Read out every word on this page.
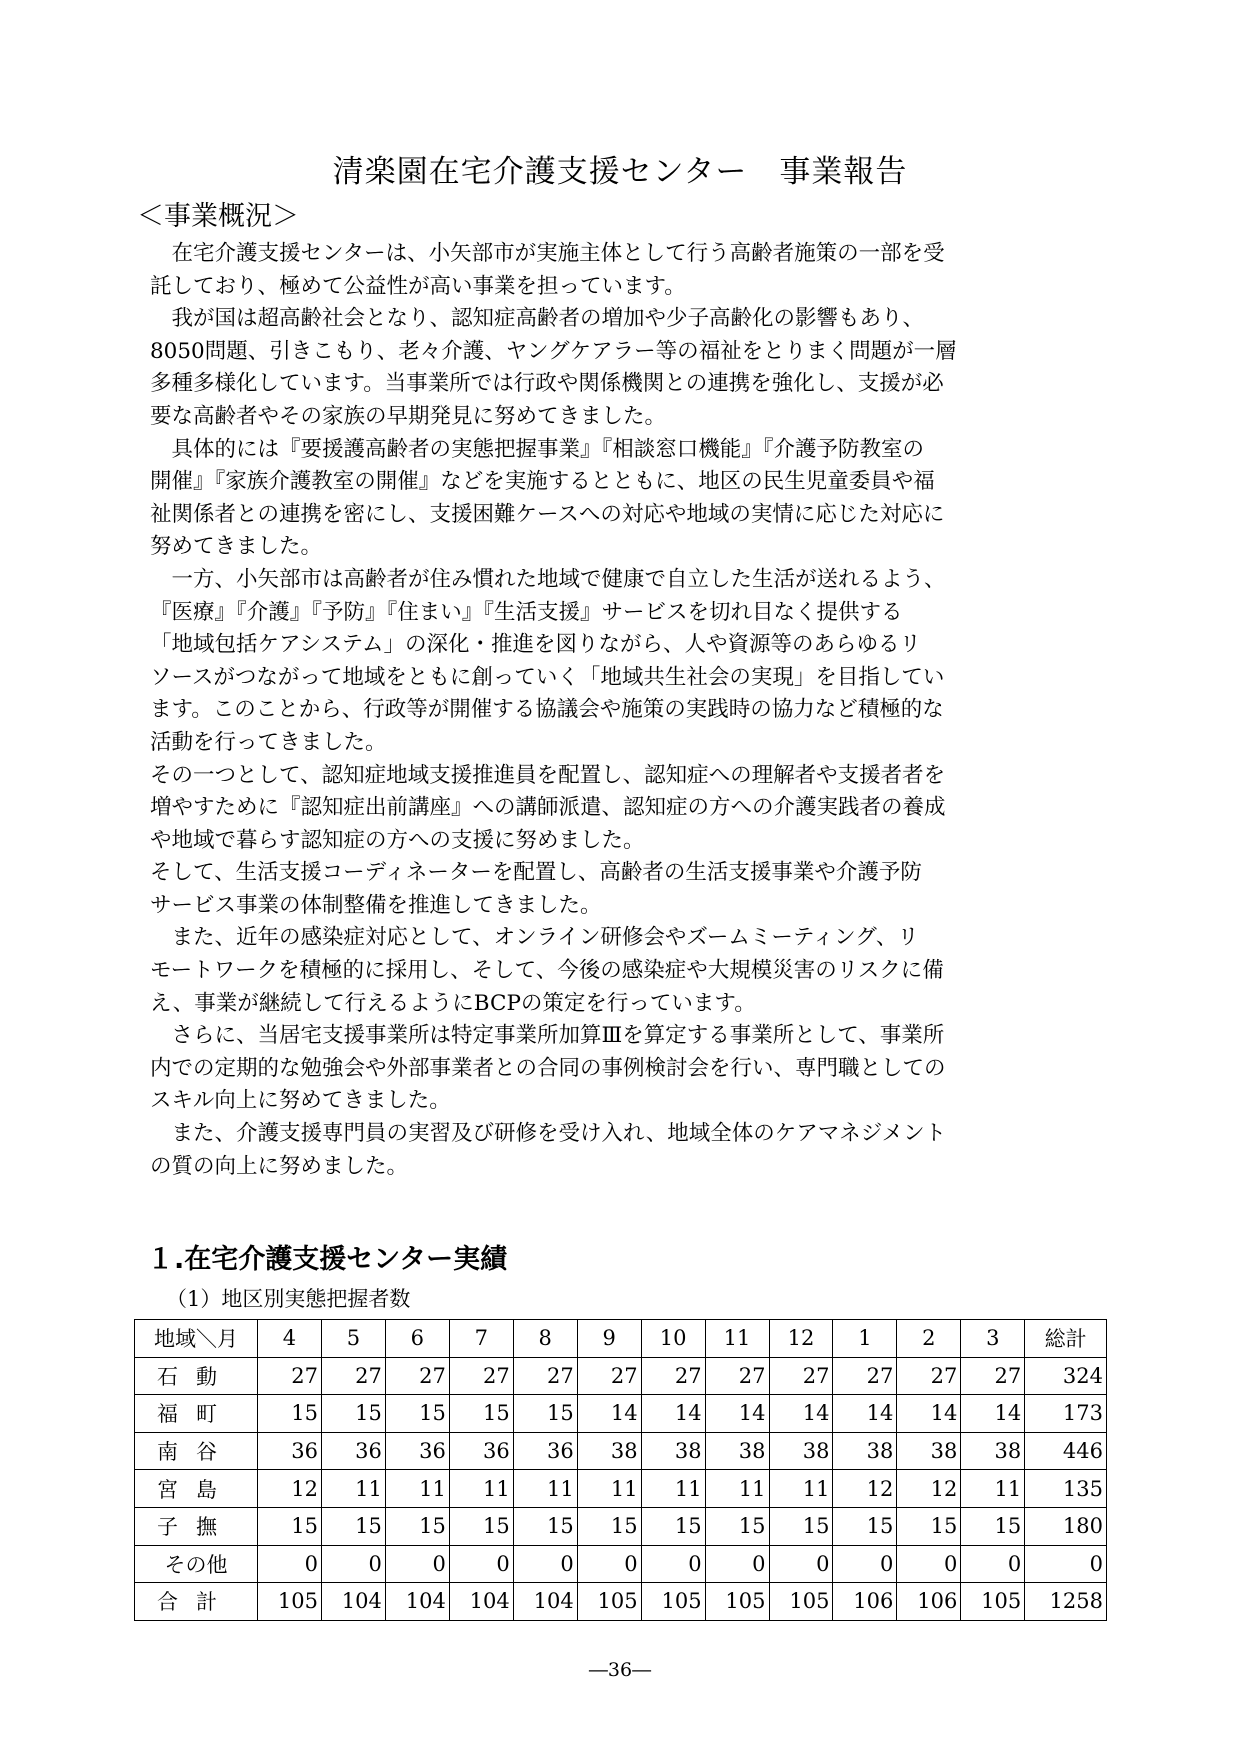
清楽園在宅介護支援センター　事業報告
＜事業概況＞
　在宅介護支援センターは、小矢部市が実施主体として行う高齢者施策の一部を受
託しており、極めて公益性が高い事業を担っています。
　我が国は超高齢社会となり、認知症高齢者の増加や少子高齢化の影響もあり、
8050問題、引きこもり、老々介護、ヤングケアラー等の福祉をとりまく問題が一層
多種多様化しています。当事業所では行政や関係機関との連携を強化し、支援が必
要な高齢者やその家族の早期発見に努めてきました。
　具体的には『要援護高齢者の実態把握事業』『相談窓口機能』『介護予防教室の
開催』『家族介護教室の開催』などを実施するとともに、地区の民生児童委員や福
祉関係者との連携を密にし、支援困難ケースへの対応や地域の実情に応じた対応に
努めてきました。
　一方、小矢部市は高齢者が住み慣れた地域で健康で自立した生活が送れるよう、
『医療』『介護』『予防』『住まい』『生活支援』サービスを切れ目なく提供する
「地域包括ケアシステム」の深化・推進を図りながら、人や資源等のあらゆるリ
ソースがつながって地域をともに創っていく「地域共生社会の実現」を目指してい
ます。このことから、行政等が開催する協議会や施策の実践時の協力など積極的な
活動を行ってきました。
その一つとして、認知症地域支援推進員を配置し、認知症への理解者や支援者者を
増やすために『認知症出前講座』への講師派遣、認知症の方への介護実践者の養成
や地域で暮らす認知症の方への支援に努めました。
そして、生活支援コーディネーターを配置し、高齢者の生活支援事業や介護予防
サービス事業の体制整備を推進してきました。
　また、近年の感染症対応として、オンライン研修会やズームミーティング、リ
モートワークを積極的に採用し、そして、今後の感染症や大規模災害のリスクに備
え、事業が継続して行えるようにBCPの策定を行っています。
　さらに、当居宅支援事業所は特定事業所加算Ⅲを算定する事業所として、事業所
内での定期的な勉強会や外部事業者との合同の事例検討会を行い、専門職としての
スキル向上に努めてきました。
　また、介護支援専門員の実習及び研修を受け入れ、地域全体のケアマネジメント
の質の向上に努めました。
１.在宅介護支援センター実績
（1）地区別実態把握者数
地域＼月	4	5	6	7	8	9	10	11	12	1	2	3	総計
石動	27	27	27	27	27	27	27	27	27	27	27	27	324
福町	15	15	15	15	15	14	14	14	14	14	14	14	173
南谷	36	36	36	36	36	38	38	38	38	38	38	38	446
宮島	12	11	11	11	11	11	11	11	11	12	12	11	135
子撫	15	15	15	15	15	15	15	15	15	15	15	15	180
その他	0	0	0	0	0	0	0	0	0	0	0	0	0
合計	105	104	104	104	104	105	105	105	105	106	106	105	1258
―36―
